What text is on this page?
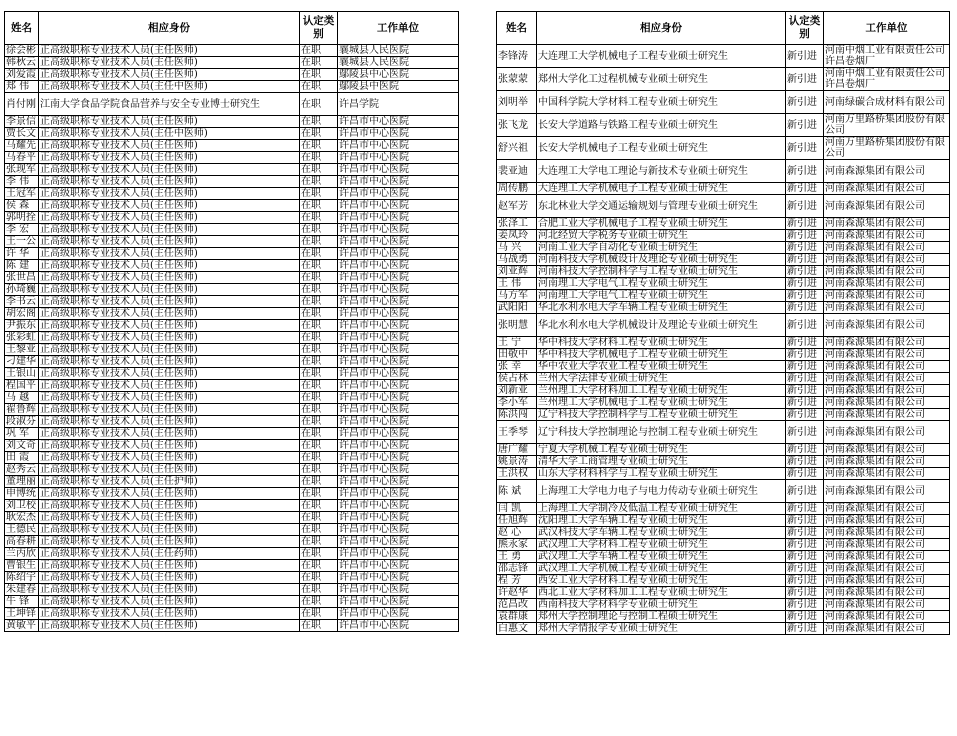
姓名	相应身份	认定类别	工作单位
徐会彬	正高级职称专业技术人员(主任医师)	在职	襄城县人民医院
韩秋云	正高级职称专业技术人员(主任医师)	在职	襄城县人民医院
刘爱霞	正高级职称专业技术人员(主任医师)	在职	鄢陵县中心医院
郑 伟	正高级职称专业技术人员(主任中医师)	在职	鄢陵县中医院
肖付刚	江南大学食品学院食品营养与安全专业博士研究生	在职	许昌学院
李景信	正高级职称专业技术人员(主任医师)	在职	许昌市中心医院
贾长文	正高级职称专业技术人员(主任中医师)	在职	许昌市中心医院
马耀先	正高级职称专业技术人员(主任医师)	在职	许昌市中心医院
马春平	正高级职称专业技术人员(主任医师)	在职	许昌市中心医院
张现军	正高级职称专业技术人员(主任医师)	在职	许昌市中心医院
李 伟	正高级职称专业技术人员(主任医师)	在职	许昌市中心医院
王冠军	正高级职称专业技术人员(主任医师)	在职	许昌市中心医院
侯 森	正高级职称专业技术人员(主任医师)	在职	许昌市中心医院
郭明拴	正高级职称专业技术人员(主任医师)	在职	许昌市中心医院
李 宏	正高级职称专业技术人员(主任医师)	在职	许昌市中心医院
王一公	正高级职称专业技术人员(主任医师)	在职	许昌市中心医院
许 华	正高级职称专业技术人员(主任医师)	在职	许昌市中心医院
陈 建	正高级职称专业技术人员(主任医师)	在职	许昌市中心医院
张世昌	正高级职称专业技术人员(主任医师)	在职	许昌市中心医院
孙琦巍	正高级职称专业技术人员(主任医师)	在职	许昌市中心医院
李书云	正高级职称专业技术人员(主任医师)	在职	许昌市中心医院
胡宏阁	正高级职称专业技术人员(主任医师)	在职	许昌市中心医院
尹振东	正高级职称专业技术人员(主任医师)	在职	许昌市中心医院
张彩虹	正高级职称专业技术人员(主任医师)	在职	许昌市中心医院
王黎亚	正高级职称专业技术人员(主任医师)	在职	许昌市中心医院
刁建华	正高级职称专业技术人员(主任医师)	在职	许昌市中心医院
王银山	正高级职称专业技术人员(主任医师)	在职	许昌市中心医院
程国平	正高级职称专业技术人员(主任医师)	在职	许昌市中心医院
马 越	正高级职称专业技术人员(主任医师)	在职	许昌市中心医院
翟鲁辉	正高级职称专业技术人员(主任医师)	在职	许昌市中心医院
段淑芬	正高级职称专业技术人员(主任医师)	在职	许昌市中心医院
巩 军	正高级职称专业技术人员(主任医师)	在职	许昌市中心医院
刘文奇	正高级职称专业技术人员(主任医师)	在职	许昌市中心医院
田 霞	正高级职称专业技术人员(主任医师)	在职	许昌市中心医院
赵秀云	正高级职称专业技术人员(主任医师)	在职	许昌市中心医院
董理丽	正高级职称专业技术人员(主任护师)	在职	许昌市中心医院
申博统	正高级职称专业技术人员(主任医师)	在职	许昌市中心医院
刘卫校	正高级职称专业技术人员(主任医师)	在职	许昌市中心医院
耿宏杰	正高级职称专业技术人员(主任医师)	在职	许昌市中心医院
王德民	正高级职称专业技术人员(主任医师)	在职	许昌市中心医院
高春耕	正高级职称专业技术人员(主任医师)	在职	许昌市中心医院
兰丙欣	正高级职称专业技术人员(主任药师)	在职	许昌市中心医院
曹银生	正高级职称专业技术人员(主任医师)	在职	许昌市中心医院
陈绍宇	正高级职称专业技术人员(主任医师)	在职	许昌市中心医院
朱建春	正高级职称专业技术人员(主任医师)	在职	许昌市中心医院
牛 锋	正高级职称专业技术人员(主任医师)	在职	许昌市中心医院
王坤铎	正高级职称专业技术人员(主任医师)	在职	许昌市中心医院
黄敏平	正高级职称专业技术人员(主任医师)	在职	许昌市中心医院
姓名	相应身份	认定类别	工作单位
李锋涛	大连理工大学机械电子工程专业硕士研究生	新引进	河南中烟工业有限责任公司许昌卷烟厂
张蒙蒙	郑州大学化工过程机械专业硕士研究生	新引进	河南中烟工业有限责任公司许昌卷烟厂
刘明举	中国科学院大学材料工程专业硕士研究生	新引进	河南绿碳合成材料有限公司
张飞龙	长安大学道路与铁路工程专业硕士研究生	新引进	河南万里路桥集团股份有限公司
舒兴祖	长安大学机械电子工程专业硕士研究生	新引进	河南万里路桥集团股份有限公司
裴亚迪	大连理工大学电工理论与新技术专业硕士研究生	新引进	河南森源集团有限公司
周传鹏	大连理工大学机械电子工程专业硕士研究生	新引进	河南森源集团有限公司
赵军芳	东北林业大学交通运输规划与管理专业硕士研究生	新引进	河南森源集团有限公司
张泽工	合肥工业大学机械电子工程专业硕士研究生	新引进	河南森源集团有限公司
姜凤玲	河北经贸大学税务专业硕士研究生	新引进	河南森源集团有限公司
马 兴	河南工业大学自动化专业硕士研究生	新引进	河南森源集团有限公司
马战勇	河南科技大学机械设计及理论专业硕士研究生	新引进	河南森源集团有限公司
刘亚辉	河南科技大学控制科学与工程专业硕士研究生	新引进	河南森源集团有限公司
王 伟	河南理工大学电气工程专业硕士研究生	新引进	河南森源集团有限公司
马方军	河南理工大学电气工程专业硕士研究生	新引进	河南森源集团有限公司
武阳阳	华北水利水电大学车辆工程专业硕士研究生	新引进	河南森源集团有限公司
张明慧	华北水利水电大学机械设计及理论专业硕士研究生	新引进	河南森源集团有限公司
王 宁	华中科技大学材料工程专业硕士研究生	新引进	河南森源集团有限公司
田敬中	华中科技大学机械电子工程专业硕士研究生	新引进	河南森源集团有限公司
张 幸	华中农业大学农业工程专业硕士研究生	新引进	河南森源集团有限公司
侯占林	兰州大学法律专业硕士研究生	新引进	河南森源集团有限公司
刘新亚	兰州理工大学材料加工工程专业硕士研究生	新引进	河南森源集团有限公司
李小军	兰州理工大学机械电子工程专业硕士研究生	新引进	河南森源集团有限公司
陈洪闯	辽宁科技大学控制科学与工程专业硕士研究生	新引进	河南森源集团有限公司
王季琴	辽宁科技大学控制理论与控制工程专业硕士研究生	新引进	河南森源集团有限公司
唐广耀	宁夏大学机械工程专业硕士研究生	新引进	河南森源集团有限公司
姚景涛	清华大学工商管理专业硕士研究生	新引进	河南森源集团有限公司
王洪权	山东大学材料科学与工程专业硕士研究生	新引进	河南森源集团有限公司
陈 斌	上海理工大学电力电子与电力传动专业硕士研究生	新引进	河南森源集团有限公司
闫 凯	上海理工大学制冷及低温工程专业硕士研究生	新引进	河南森源集团有限公司
任旭辉	沈阳理工大学车辆工程专业硕士研究生	新引进	河南森源集团有限公司
赵 心	武汉科技大学车辆工程专业硕士研究生	新引进	河南森源集团有限公司
熊永家	武汉理工大学材料工程专业硕士研究生	新引进	河南森源集团有限公司
王 勇	武汉理工大学车辆工程专业硕士研究生	新引进	河南森源集团有限公司
邵志锋	武汉理工大学机械工程专业硕士研究生	新引进	河南森源集团有限公司
程 芳	西安工业大学材料工程专业硕士研究生	新引进	河南森源集团有限公司
许赵华	西北工业大学材料加工工程专业硕士研究生	新引进	河南森源集团有限公司
范昌改	西南科技大学材料学专业硕士研究生	新引进	河南森源集团有限公司
袁群康	郑州大学控制理论与控制工程硕士研究生	新引进	河南森源集团有限公司
白惠文	郑州大学情报学专业硕士研究生	新引进	河南森源集团有限公司
